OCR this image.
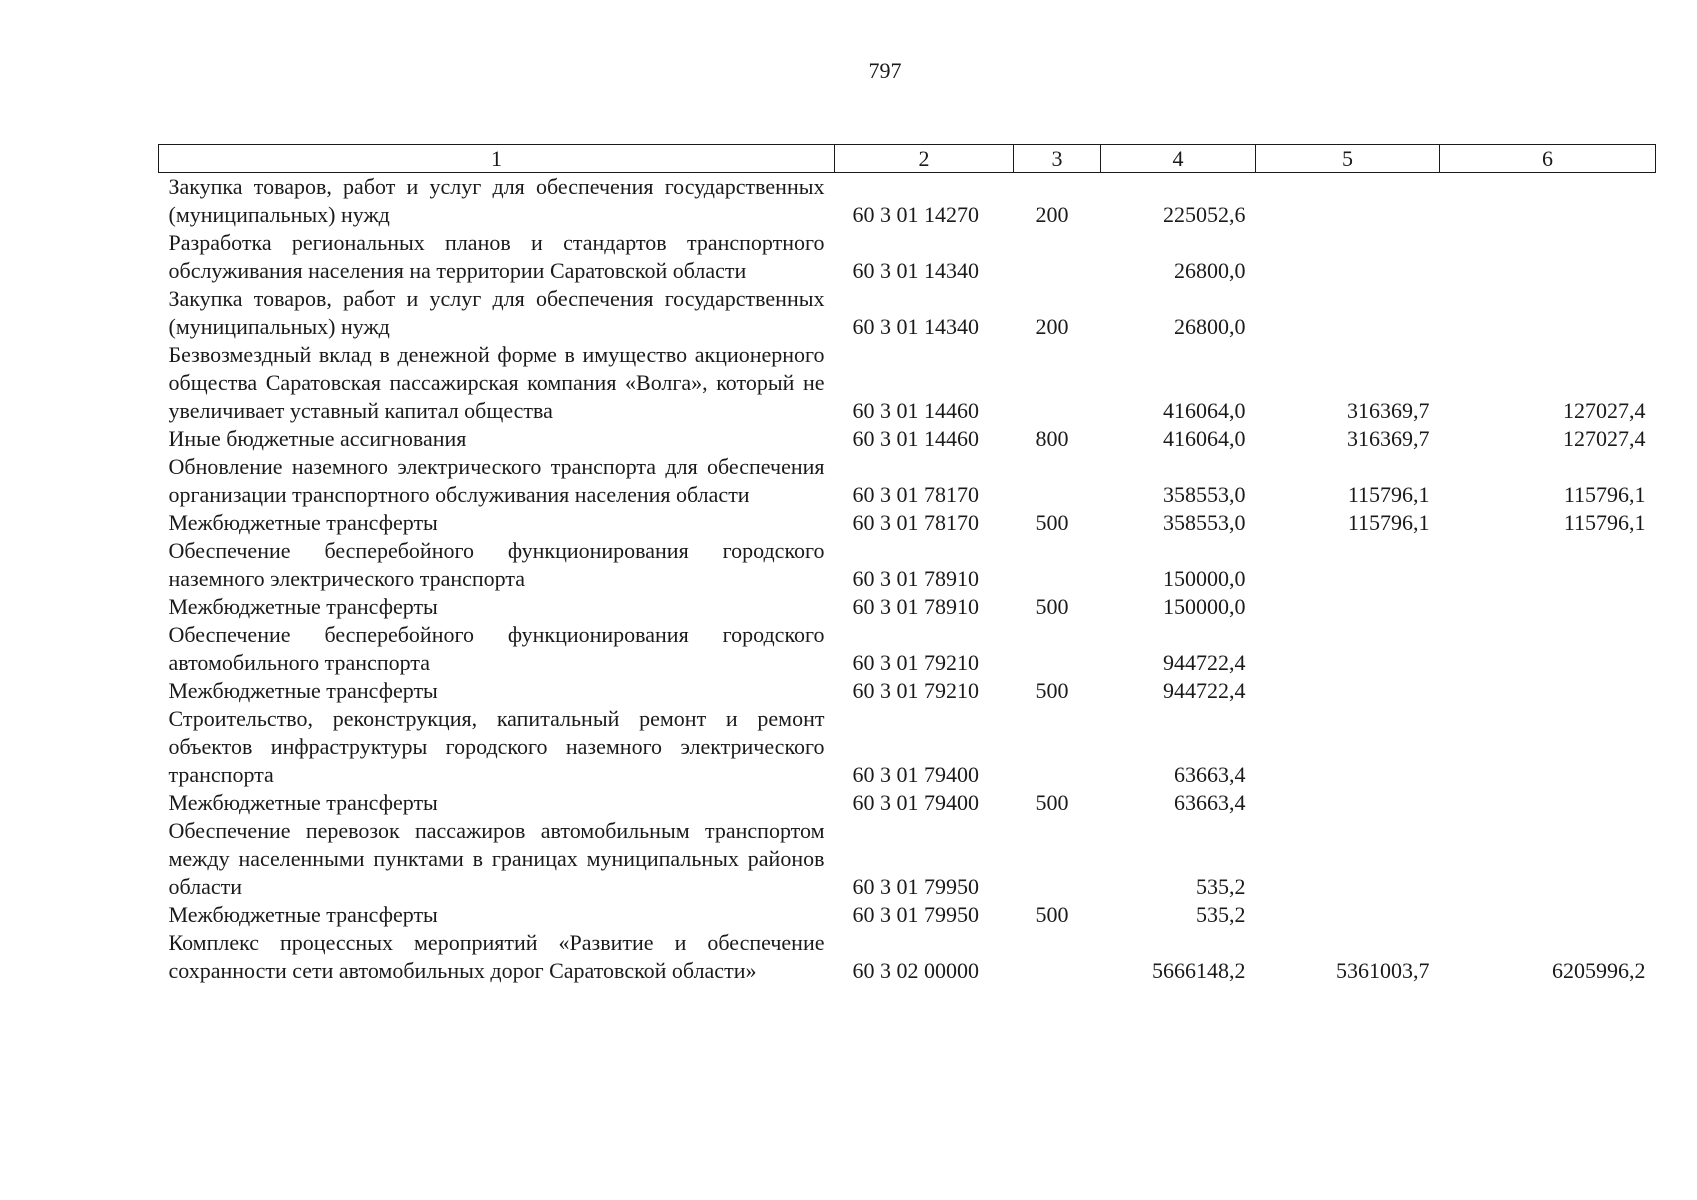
797
1	2	3	4	5	6
Закупка товаров, работ и услуг для обеспечения государственных (муниципальных) нужд	60 3 01 14270	200	225052,6		
Разработка региональных планов и стандартов транспортного обслуживания населения на территории Саратовской области	60 3 01 14340		26800,0		
Закупка товаров, работ и услуг для обеспечения государственных (муниципальных) нужд	60 3 01 14340	200	26800,0		
Безвозмездный вклад в денежной форме в имущество акционерного общества Саратовская пассажирская компания «Волга», который не увеличивает уставный капитал общества	60 3 01 14460		416064,0	316369,7	127027,4
Иные бюджетные ассигнования	60 3 01 14460	800	416064,0	316369,7	127027,4
Обновление наземного электрического транспорта для обеспечения организации транспортного обслуживания населения области	60 3 01 78170		358553,0	115796,1	115796,1
Межбюджетные трансферты	60 3 01 78170	500	358553,0	115796,1	115796,1
Обеспечение бесперебойного функционирования городского наземного электрического транспорта	60 3 01 78910		150000,0		
Межбюджетные трансферты	60 3 01 78910	500	150000,0		
Обеспечение бесперебойного функционирования городского автомобильного транспорта	60 3 01 79210		944722,4		
Межбюджетные трансферты	60 3 01 79210	500	944722,4		
Строительство, реконструкция, капитальный ремонт и ремонт объектов инфраструктуры городского наземного электрического транспорта	60 3 01 79400		63663,4		
Межбюджетные трансферты	60 3 01 79400	500	63663,4		
Обеспечение перевозок пассажиров автомобильным транспортом между населенными пунктами в границах муниципальных районов области	60 3 01 79950		535,2		
Межбюджетные трансферты	60 3 01 79950	500	535,2		
Комплекс процессных мероприятий «Развитие и обеспечение сохранности сети автомобильных дорог Саратовской области»	60 3 02 00000		5666148,2	5361003,7	6205996,2
